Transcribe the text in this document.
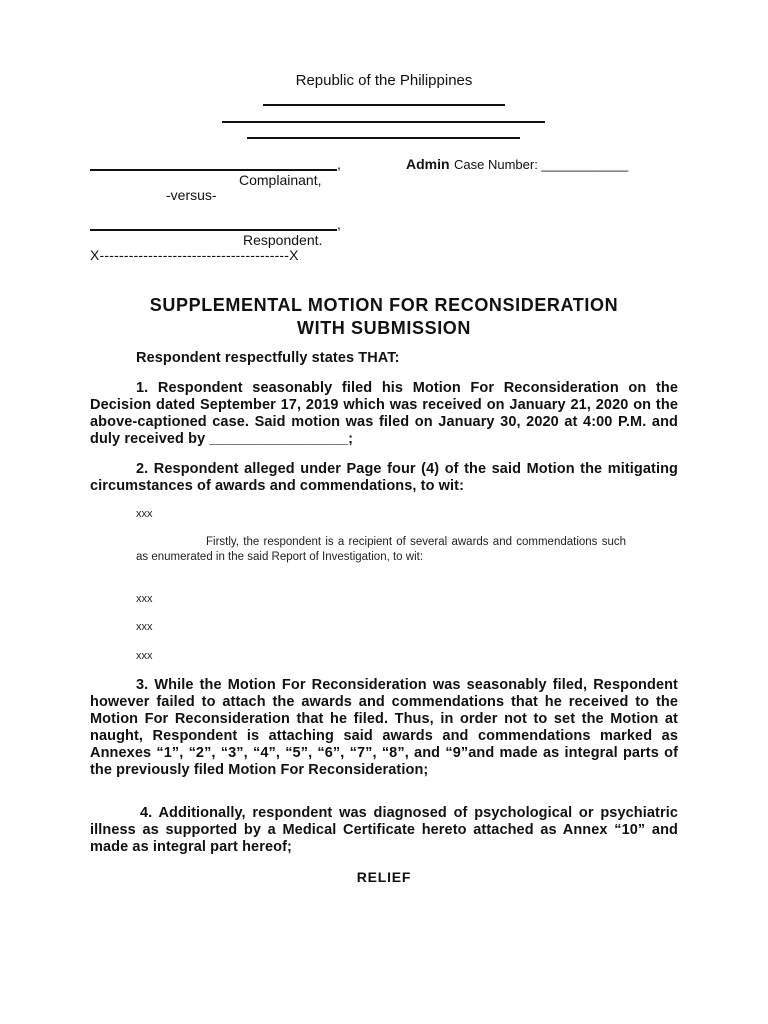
Republic of the Philippines
,
Complainant,
-versus-
Admin Case Number: ____________
,
Respondent.
X---------------------------------------X
SUPPLEMENTAL MOTION FOR RECONSIDERATION
WITH SUBMISSION
Respondent respectfully states THAT:
1. Respondent seasonably filed his Motion For Reconsideration on the Decision dated September 17, 2019 which was received on January 21, 2020 on the above-captioned case. Said motion was filed on January 30, 2020 at 4:00 P.M. and duly received by _________________;
2. Respondent alleged under Page four (4) of the said Motion the mitigating circumstances of awards and commendations, to wit:
xxx
Firstly, the respondent is a recipient of several awards and commendations such as enumerated in the said Report of Investigation, to wit:
xxx
xxx
xxx
3. While the Motion For Reconsideration was seasonably filed, Respondent however failed to attach the awards and commendations that he received to the Motion For Reconsideration that he filed. Thus, in order not to set the Motion at naught, Respondent is attaching said awards and commendations marked as Annexes “1”, “2”, “3”, “4”, “5”, “6”, “7”, “8”, and “9”and made as integral parts of the previously filed Motion For Reconsideration;
4. Additionally, respondent was diagnosed of psychological or psychiatric illness as supported by a Medical Certificate hereto attached as Annex “10” and made as integral part hereof;
RELIEF
